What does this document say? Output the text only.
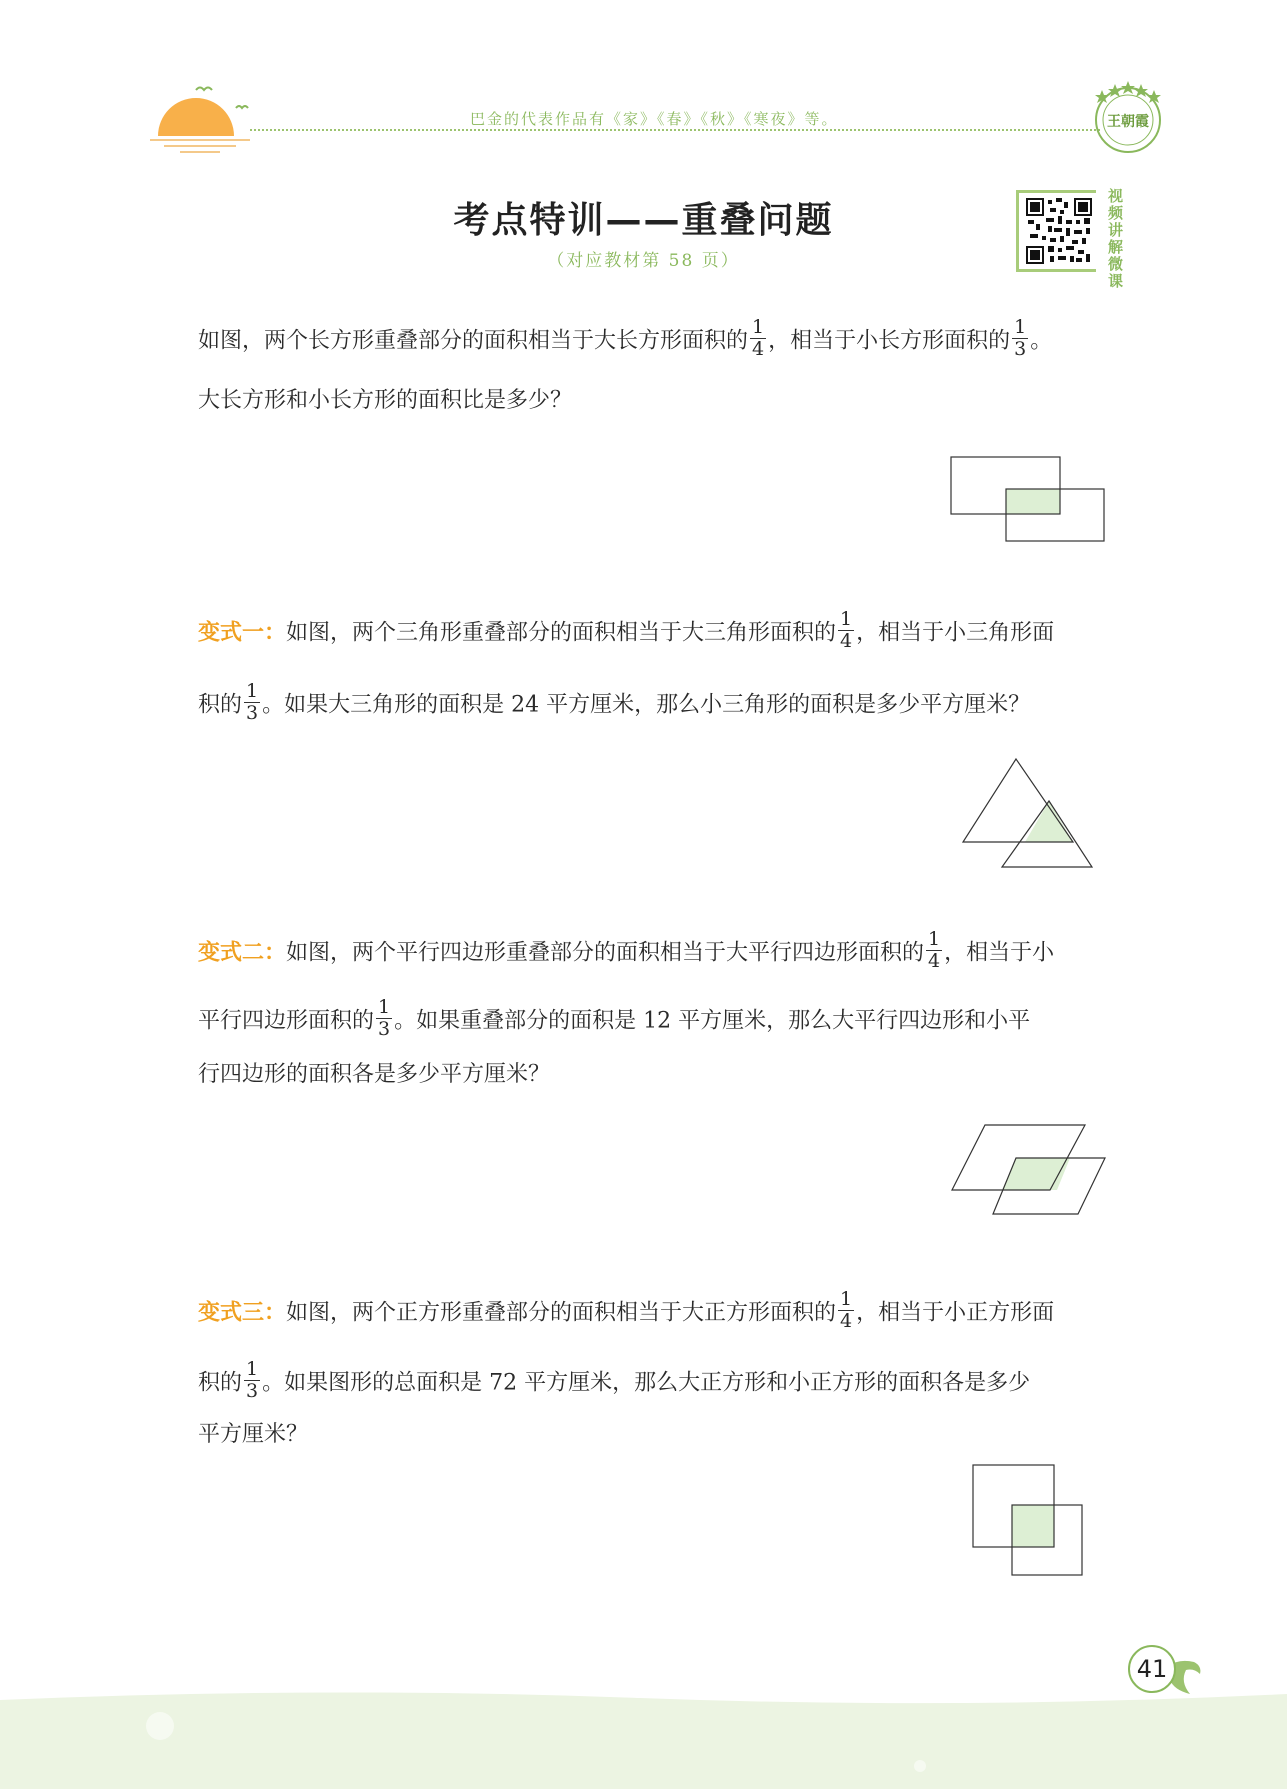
巴金的代表作品有《家》《春》《秋》《寒夜》等。	王朝霞
考点特训——重叠问题
（对应教材第 58 页）
视频讲解微课
如图，两个长方形重叠部分的面积相当于大长方形面积的 $\frac{1}{4}$ ，相当于小长方形面积的 $\frac{1}{3}$ 。
大长方形和小长方形的面积比是多少？
变式一：如图，两个三角形重叠部分的面积相当于大三角形面积的 $\frac{1}{4}$ ，相当于小三角形面
积的 $\frac{1}{3}$ 。如果大三角形的面积是 24 平方厘米，那么小三角形的面积是多少平方厘米？
变式二：如图，两个平行四边形重叠部分的面积相当于大平行四边形面积的 $\frac{1}{4}$ ，相当于小
平行四边形面积的 $\frac{1}{3}$ 。如果重叠部分的面积是 12 平方厘米，那么大平行四边形和小平
行四边形的面积各是多少平方厘米？
变式三：如图，两个正方形重叠部分的面积相当于大正方形面积的 $\frac{1}{4}$ ，相当于小正方形面
积的 $\frac{1}{3}$ 。如果图形的总面积是 72 平方厘米，那么大正方形和小正方形的面积各是多少
平方厘米？
41
